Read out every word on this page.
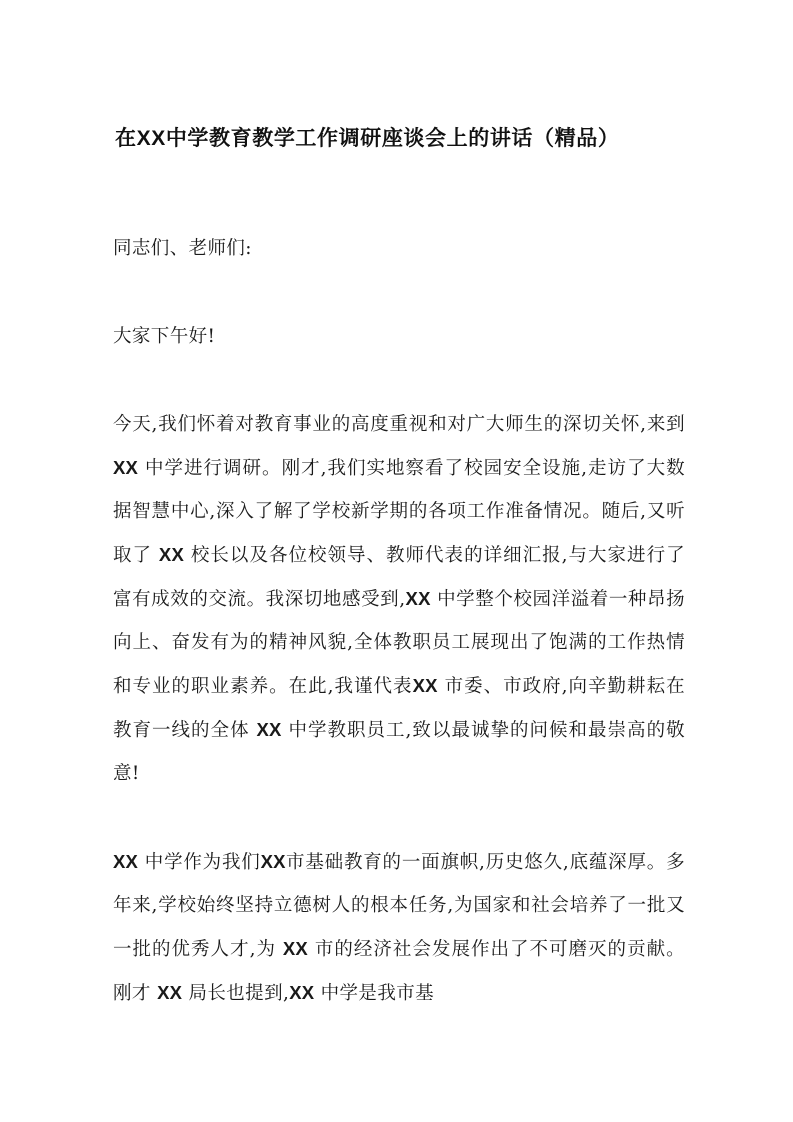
在XX中学教育教学工作调研座谈会上的讲话（精品）

同志们、老师们:

大家下午好!

今天,我们怀着对教育事业的高度重视和对广大师生的深切关怀,来到 XX 中学进行调研。刚才,我们实地察看了校园安全设施,走访了大数据智慧中心,深入了解了学校新学期的各项工作准备情况。随后,又听取了 XX 校长以及各位校领导、教师代表的详细汇报,与大家进行了富有成效的交流。我深切地感受到,XX 中学整个校园洋溢着一种昂扬向上、奋发有为的精神风貌,全体教职员工展现出了饱满的工作热情和专业的职业素养。在此,我谨代表XX 市委、市政府,向辛勤耕耘在教育一线的全体 XX 中学教职员工,致以最诚挚的问候和最崇高的敬意!

XX 中学作为我们XX市基础教育的一面旗帜,历史悠久,底蕴深厚。多年来,学校始终坚持立德树人的根本任务,为国家和社会培养了一批又一批的优秀人才,为 XX 市的经济社会发展作出了不可磨灭的贡献。刚才 XX 局长也提到,XX 中学是我市基
